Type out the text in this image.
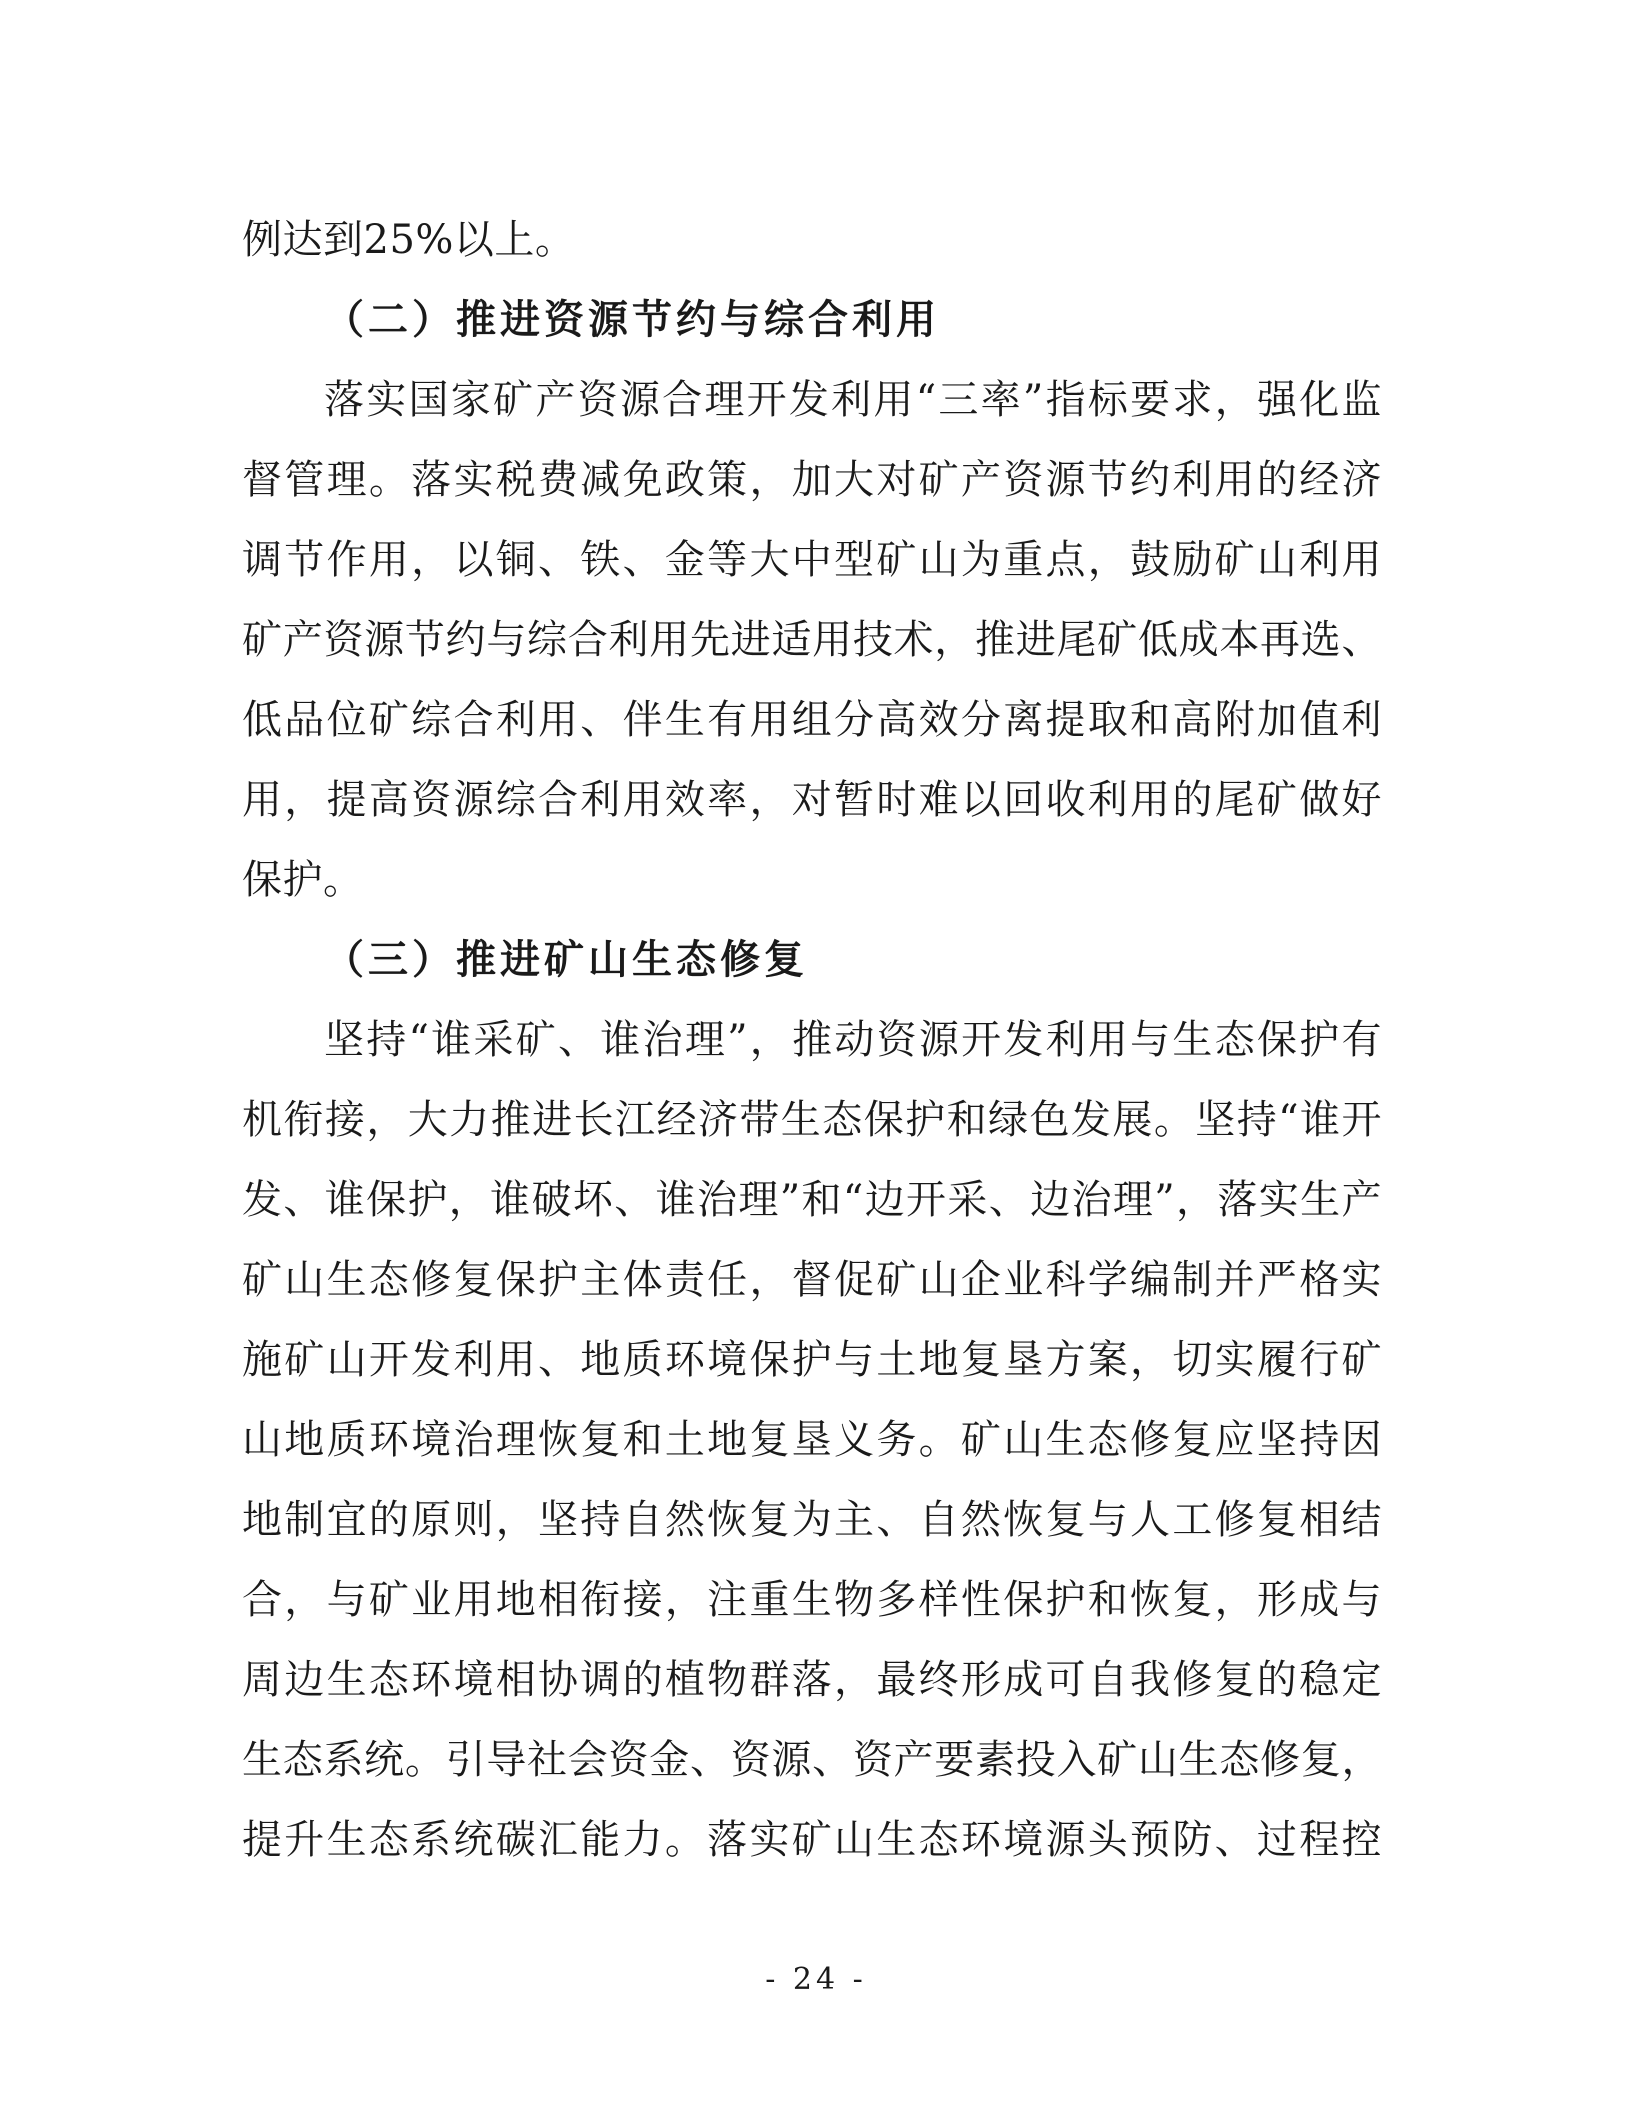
例达到25%以上。
（二）推进资源节约与综合利用
落实国家矿产资源合理开发利用“三率”指标要求，强化监
督管理。落实税费减免政策，加大对矿产资源节约利用的经济
调节作用，以铜、铁、金等大中型矿山为重点，鼓励矿山利用
矿产资源节约与综合利用先进适用技术，推进尾矿低成本再选、
低品位矿综合利用、伴生有用组分高效分离提取和高附加值利
用，提高资源综合利用效率，对暂时难以回收利用的尾矿做好
保护。
（三）推进矿山生态修复
坚持“谁采矿、谁治理”，推动资源开发利用与生态保护有
机衔接，大力推进长江经济带生态保护和绿色发展。坚持“谁开
发、谁保护，谁破坏、谁治理”和“边开采、边治理”，落实生产
矿山生态修复保护主体责任，督促矿山企业科学编制并严格实
施矿山开发利用、地质环境保护与土地复垦方案，切实履行矿
山地质环境治理恢复和土地复垦义务。矿山生态修复应坚持因
地制宜的原则，坚持自然恢复为主、自然恢复与人工修复相结
合，与矿业用地相衔接，注重生物多样性保护和恢复，形成与
周边生态环境相协调的植物群落，最终形成可自我修复的稳定
生态系统。引导社会资金、资源、资产要素投入矿山生态修复，
提升生态系统碳汇能力。落实矿山生态环境源头预防、过程控
- 24 -
